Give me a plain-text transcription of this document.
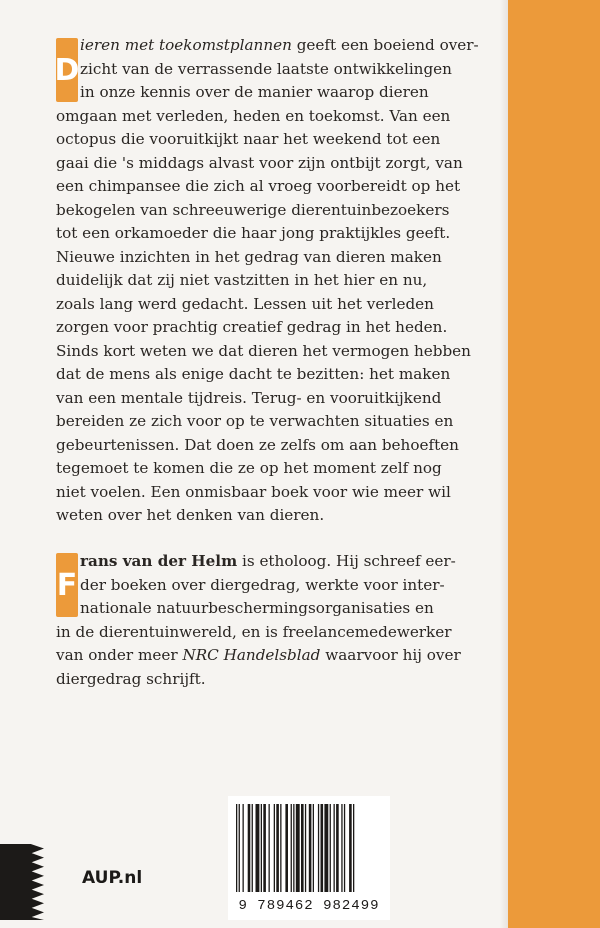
D
ieren met toekomstplannen geeft een boeiend over-
zicht van de verrassende laatste ontwikkelingen
in onze kennis over de manier waarop dieren
omgaan met verleden, heden en toekomst. Van een
octopus die vooruitkijkt naar het weekend tot een
gaai die 's middags alvast voor zijn ontbijt zorgt, van
een chimpansee die zich al vroeg voorbereidt op het
bekogelen van schreeuwerige dierentuinbezoekers
tot een orkamoeder die haar jong praktijkles geeft.
Nieuwe inzichten in het gedrag van dieren maken
duidelijk dat zij niet vastzitten in het hier en nu,
zoals lang werd gedacht. Lessen uit het verleden
zorgen voor prachtig creatief gedrag in het heden.
Sinds kort weten we dat dieren het vermogen hebben
dat de mens als enige dacht te bezitten: het maken
van een mentale tijdreis. Terug- en vooruitkijkend
bereiden ze zich voor op te verwachten situaties en
gebeurtenissen. Dat doen ze zelfs om aan behoeften
tegemoet te komen die ze op het moment zelf nog
niet voelen. Een onmisbaar boek voor wie meer wil
weten over het denken van dieren.
F
rans van der Helm is etholoog. Hij schreef eer-
der boeken over diergedrag, werkte voor inter-
nationale natuurbeschermingsorganisaties en
in de dierentuinwereld, en is freelancemedewerker
van onder meer NRC Handelsblad waarvoor hij over
diergedrag schrijft.
AUP.nl
9 789462 982499
